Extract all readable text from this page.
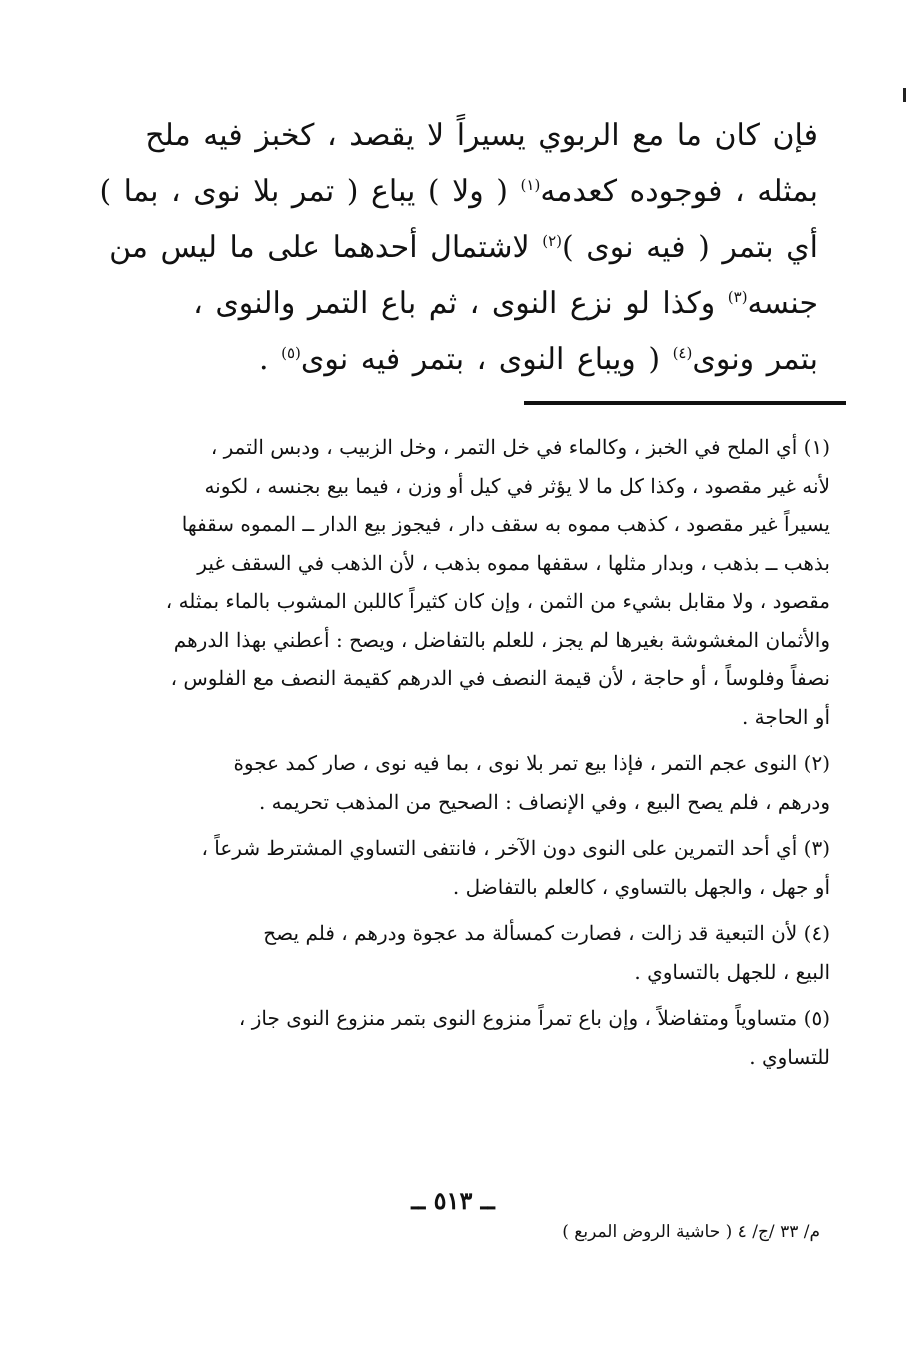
فإن كان ما مع الربوي يسيراً لا يقصد ، كخبز فيه ملح
بمثله ، فوجوده كعدمه$^{(١)}$ ( ولا ) يباع ( تمر بلا نوى ، بما )
أي بتمر ( فيه نوى )$^{(٢)}$ لاشتمال أحدهما على ما ليس من
جنسه$^{(٣)}$ وكذا لو نزع النوى ، ثم باع التمر والنوى ،
بتمر ونوى$^{(٤)}$ ( ويباع النوى ، بتمر فيه نوى$^{(٥)}$ .
(١) أي الملح في الخبز ، وكالماء في خل التمر ، وخل الزبيب ، ودبس التمر ،
لأنه غير مقصود ، وكذا كل ما لا يؤثر في كيل أو وزن ، فيما بيع بجنسه ، لكونه
يسيراً غير مقصود ، كذهب مموه به سقف دار ، فيجوز بيع الدار ــ المموه سقفها
بذهب ــ بذهب ، وبدار مثلها ، سقفها مموه بذهب ، لأن الذهب في السقف غير
مقصود ، ولا مقابل بشيء من الثمن ، وإن كان كثيراً كاللبن المشوب بالماء بمثله ،
والأثمان المغشوشة بغيرها لم يجز ، للعلم بالتفاضل ، ويصح : أعطني بهذا الدرهم
نصفاً وفلوساً ، أو حاجة ، لأن قيمة النصف في الدرهم كقيمة النصف مع الفلوس ،
أو الحاجة .
(٢) النوى عجم التمر ، فإذا بيع تمر بلا نوى ، بما فيه نوى ، صار كمد عجوة
ودرهم ، فلم يصح البيع ، وفي الإنصاف : الصحيح من المذهب تحريمه .
(٣) أي أحد التمرين على النوى دون الآخر ، فانتفى التساوي المشترط شرعاً ،
أو جهل ، والجهل بالتساوي ، كالعلم بالتفاضل .
(٤) لأن التبعية قد زالت ، فصارت كمسألة مد عجوة ودرهم ، فلم يصح
البيع ، للجهل بالتساوي .
(٥) متساوياً ومتفاضلاً ، وإن باع تمراً منزوع النوى بتمر منزوع النوى جاز ،
للتساوي .
ــ ٥١٣ ــ
م/ ٣٣ /ج/ ٤ ( حاشية الروض المربع )
